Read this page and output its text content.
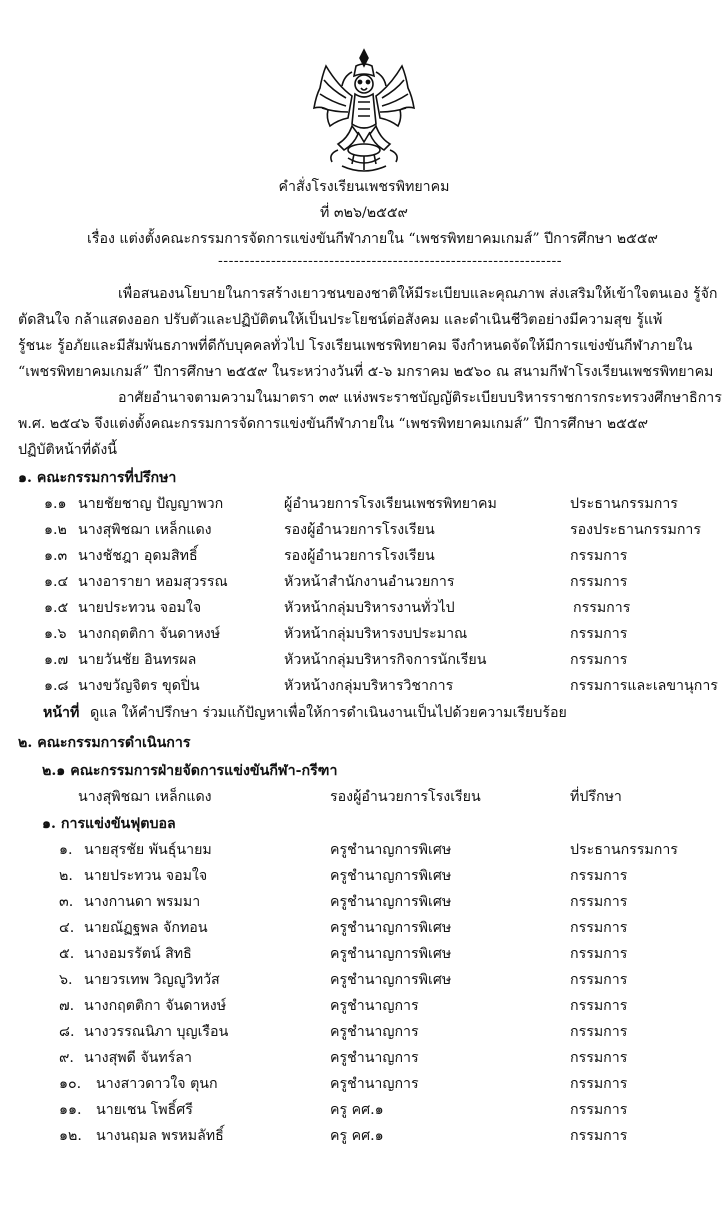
คำสั่งโรงเรียนเพชรพิทยาคม
ที่ ๓๒๖/๒๕๕๙
เรื่อง แต่งตั้งคณะกรรมการจัดการแข่งขันกีฬาภายใน “เพชรพิทยาคมเกมส์” ปีการศึกษา ๒๕๕๙
-----------------------------------------------------------------
เพื่อสนองนโยบายในการสร้างเยาวชนของชาติให้มีระเบียบและคุณภาพ ส่งเสริมให้เข้าใจตนเอง รู้จัก
ตัดสินใจ กล้าแสดงออก ปรับตัวและปฏิบัติตนให้เป็นประโยชน์ต่อสังคม และดำเนินชีวิตอย่างมีความสุข รู้แพ้
รู้ชนะ รู้อภัยและมีสัมพันธภาพที่ดีกับบุคคลทั่วไป โรงเรียนเพชรพิทยาคม จึงกำหนดจัดให้มีการแข่งขันกีฬาภายใน
“เพชรพิทยาคมเกมส์” ปีการศึกษา ๒๕๕๙ ในระหว่างวันที่ ๕-๖ มกราคม ๒๕๖๐ ณ สนามกีฬาโรงเรียนเพชรพิทยาคม
อาศัยอำนาจตามความในมาตรา ๓๙ แห่งพระราชบัญญัติระเบียบบริหารราชการกระทรวงศึกษาธิการ
พ.ศ. ๒๕๔๖ จึงแต่งตั้งคณะกรรมการจัดการแข่งขันกีฬาภายใน “เพชรพิทยาคมเกมส์” ปีการศึกษา ๒๕๕๙
ปฏิบัติหน้าที่ดังนี้
๑. คณะกรรมการที่ปรึกษา
๑.๑ นายชัยชาญ ปัญญาพวก	ผู้อำนวยการโรงเรียนเพชรพิทยาคม	ประธานกรรมการ
๑.๒ นางสุพิชฌา เหล็กแดง	รองผู้อำนวยการโรงเรียน	รองประธานกรรมการ
๑.๓ นางชัชฎา อุดมสิทธิ์	รองผู้อำนวยการโรงเรียน	กรรมการ
๑.๔ นางอารายา หอมสุวรรณ	หัวหน้าสำนักงานอำนวยการ	กรรมการ
๑.๕ นายประทวน จอมใจ	หัวหน้ากลุ่มบริหารงานทั่วไป	กรรมการ
๑.๖ นางกฤตติกา จันดาหงษ์	หัวหน้ากลุ่มบริหารงบประมาณ	กรรมการ
๑.๗ นายวันชัย อินทรผล	หัวหน้ากลุ่มบริหารกิจการนักเรียน	กรรมการ
๑.๘ นางขวัญจิตร ขุดปิ่น	หัวหน้างกลุ่มบริหารวิชาการ	กรรมการและเลขานุการ
หน้าที่ ดูแล ให้คำปรึกษา ร่วมแก้ปัญหาเพื่อให้การดำเนินงานเป็นไปด้วยความเรียบร้อย
๒. คณะกรรมการดำเนินการ
๒.๑ คณะกรรมการฝ่ายจัดการแข่งขันกีฬา-กรีฑา
นางสุพิชฌา เหล็กแดง	รองผู้อำนวยการโรงเรียน	ที่ปรึกษา
๑. การแข่งขันฟุตบอล
๑. นายสุรชัย พันธุ์นายม	ครูชำนาญการพิเศษ	ประธานกรรมการ
๒. นายประทวน จอมใจ	ครูชำนาญการพิเศษ	กรรมการ
๓. นางกานดา พรมมา	ครูชำนาญการพิเศษ	กรรมการ
๔. นายณัฏฐพล จักทอน	ครูชำนาญการพิเศษ	กรรมการ
๕. นางอมรรัตน์ สิทธิ	ครูชำนาญการพิเศษ	กรรมการ
๖. นายวรเทพ วิญญูวิทวัส	ครูชำนาญการพิเศษ	กรรมการ
๗. นางกฤตติกา จันดาหงษ์	ครูชำนาญการ	กรรมการ
๘. นางวรรณนิภา บุญเรือน	ครูชำนาญการ	กรรมการ
๙. นางสุพดี จันทร์ลา	ครูชำนาญการ	กรรมการ
๑๐. นางสาวดาวใจ ตุนก	ครูชำนาญการ	กรรมการ
๑๑. นายเชน โพธิ์ศรี	ครู คศ.๑	กรรมการ
๑๒. นางนฤมล พรหมลัทธิ์	ครู คศ.๑	กรรมการ
